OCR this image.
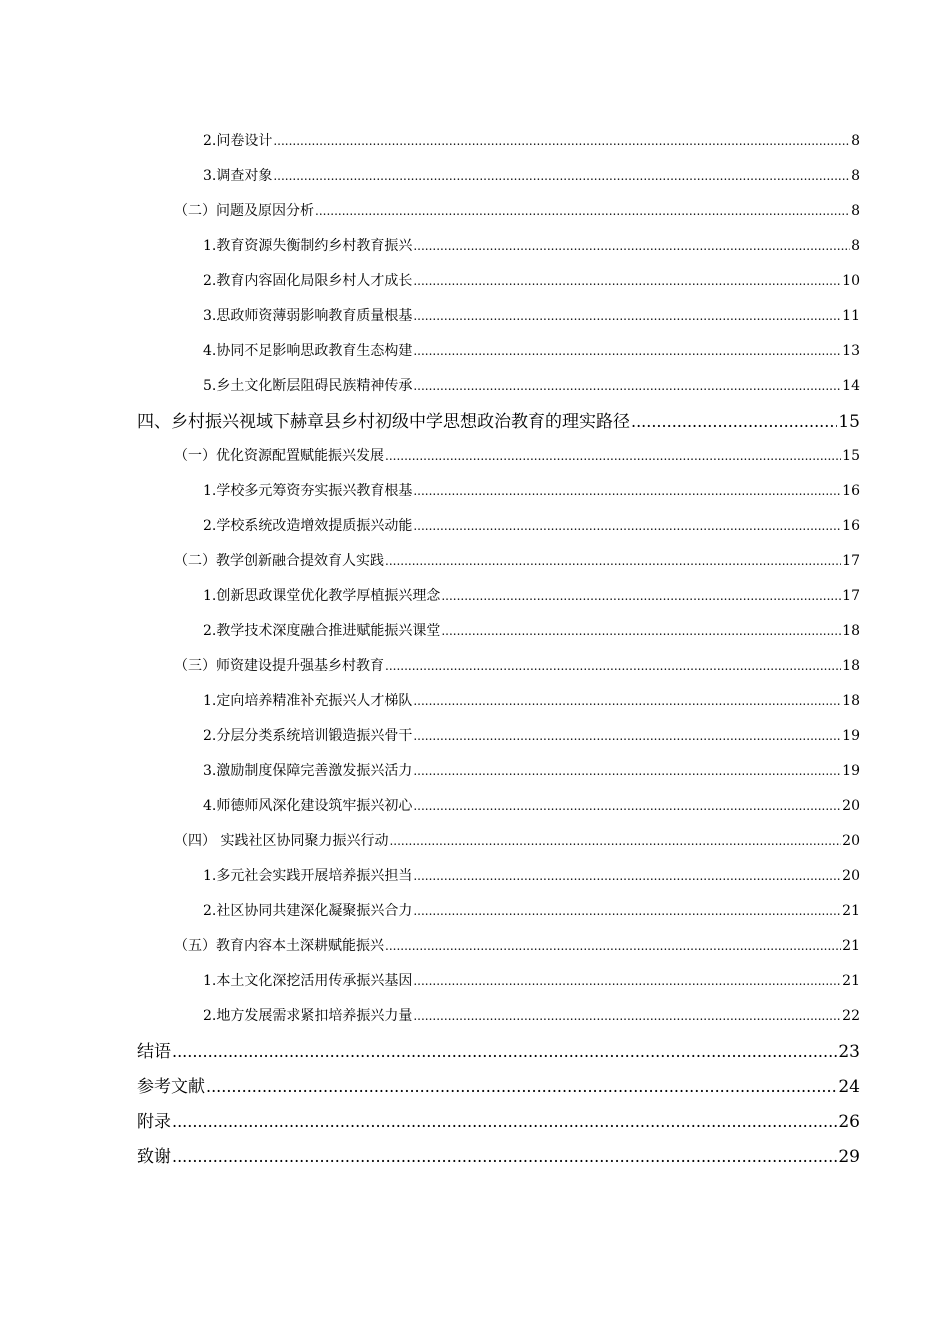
2.问卷设计 .....	8
3.调查对象 .....	8
（二）问题及原因分析 .....	8
1.教育资源失衡制约乡村教育振兴 .....	8
2.教育内容固化局限乡村人才成长 .....	10
3.思政师资薄弱影响教育质量根基 .....	11
4.协同不足影响思政教育生态构建 .....	13
5.乡土文化断层阻碍民族精神传承 .....	14
四、乡村振兴视域下赫章县乡村初级中学思想政治教育的理实路径 .....	15
（一）优化资源配置赋能振兴发展 .....	15
1.学校多元筹资夯实振兴教育根基 .....	16
2.学校系统改造增效提质振兴动能 .....	16
（二）教学创新融合提效育人实践 .....	17
1.创新思政课堂优化教学厚植振兴理念 .....	17
2.教学技术深度融合推进赋能振兴课堂 .....	18
（三）师资建设提升强基乡村教育 .....	18
1.定向培养精准补充振兴人才梯队 .....	18
2.分层分类系统培训锻造振兴骨干 .....	19
3.激励制度保障完善激发振兴活力 .....	19
4.师德师风深化建设筑牢振兴初心 .....	20
（四） 实践社区协同聚力振兴行动 .....	20
1.多元社会实践开展培养振兴担当 .....	20
2.社区协同共建深化凝聚振兴合力 .....	21
（五）教育内容本土深耕赋能振兴 .....	21
1.本土文化深挖活用传承振兴基因 .....	21
2.地方发展需求紧扣培养振兴力量 .....	22
结语 .....	23
参考文献 .....	24
附录 .....	26
致谢 .....	29
